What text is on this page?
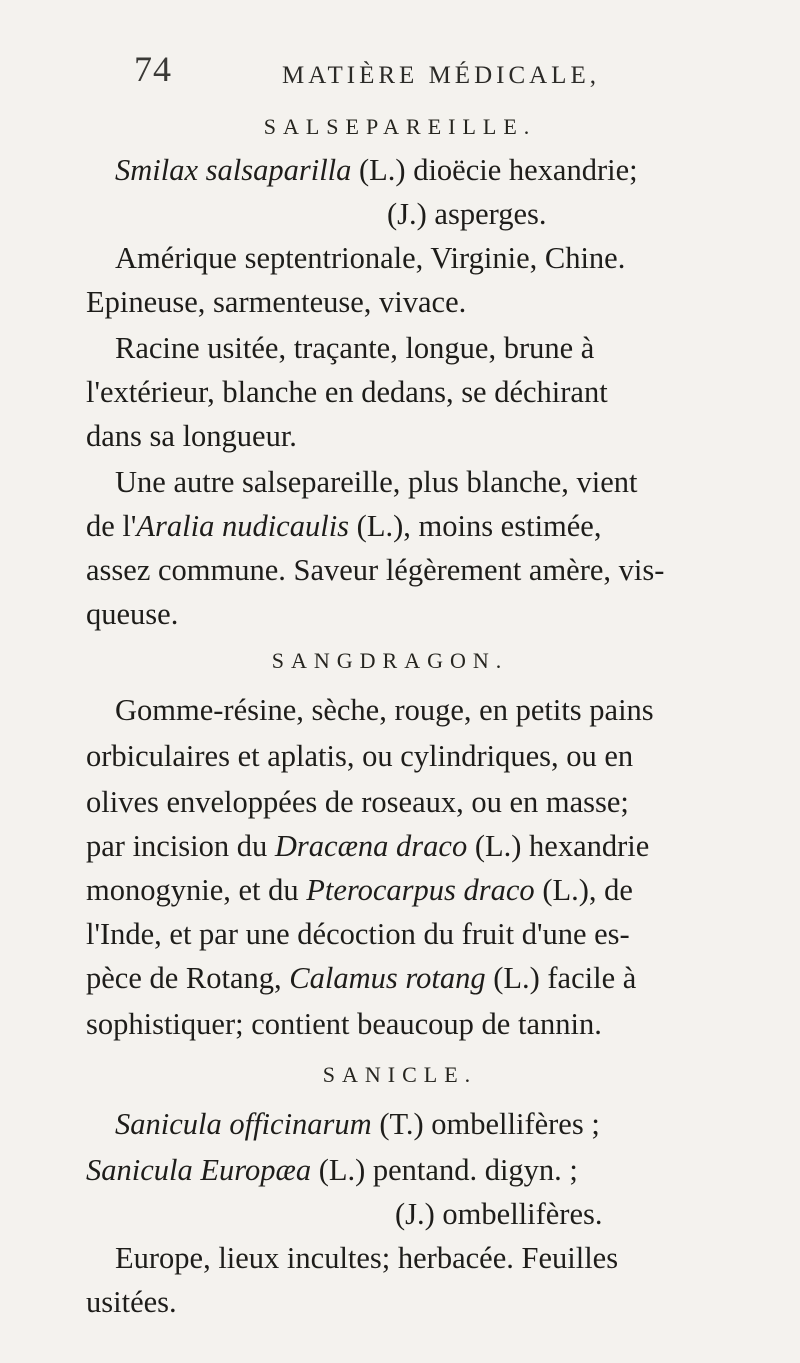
74	MATIÈRE MÉDICALE,
SALSEPAREILLE.
Smilax salsaparilla (L.) dioëcie hexandrie;
(J.) asperges.
Amérique septentrionale, Virginie, Chine.
Epineuse, sarmenteuse, vivace.
Racine usitée, traçante, longue, brune à
l'extérieur, blanche en dedans, se déchirant
dans sa longueur.
Une autre salsepareille, plus blanche, vient
de l'Aralia nudicaulis (L.), moins estimée,
assez commune. Saveur légèrement amère, vis-
queuse.
SANGDRAGON.
Gomme-résine, sèche, rouge, en petits pains
orbiculaires et aplatis, ou cylindriques, ou en
olives enveloppées de roseaux, ou en masse;
par incision du Dracæna draco (L.) hexandrie
monogynie, et du Pterocarpus draco (L.), de
l'Inde, et par une décoction du fruit d'une es-
pèce de Rotang, Calamus rotang (L.) facile à
sophistiquer; contient beaucoup de tannin.
SANICLE.
Sanicula officinarum (T.) ombellifères ;
Sanicula Europæa (L.) pentand. digyn. ;
(J.) ombellifères.
Europe, lieux incultes; herbacée. Feuilles
usitées.
